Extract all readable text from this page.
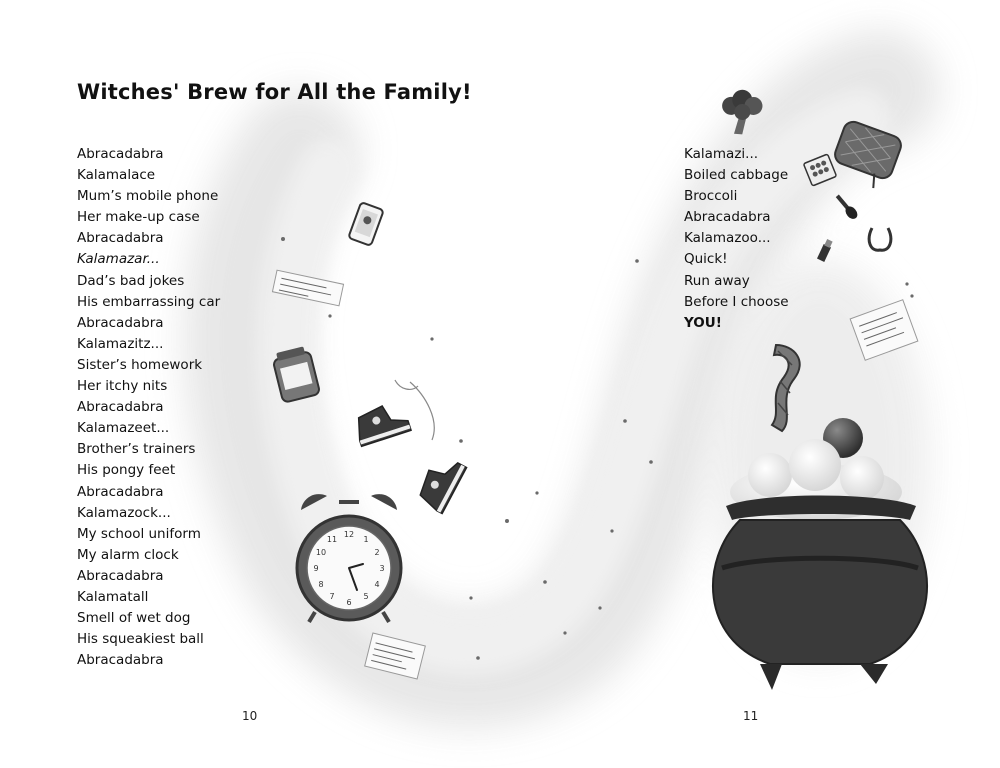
12
1
2
3
4
5
6
7
8
9
10
11
Witches' Brew for All the Family!
Abracadabra
Kalamalace
Mum’s mobile phone
Her make-up case
Abracadabra
Kalamazar...
Dad’s bad jokes
His embarrassing car
Abracadabra
Kalamazitz...
Sister’s homework
Her itchy nits
Abracadabra
Kalamazeet...
Brother’s trainers
His pongy feet
Abracadabra
Kalamazock...
My school uniform
My alarm clock
Abracadabra
Kalamatall
Smell of wet dog
His squeakiest ball
Abracadabra
Kalamazi...
Boiled cabbage
Broccoli
Abracadabra
Kalamazoo...
Quick!
Run away
Before I choose
YOU!
10	11
